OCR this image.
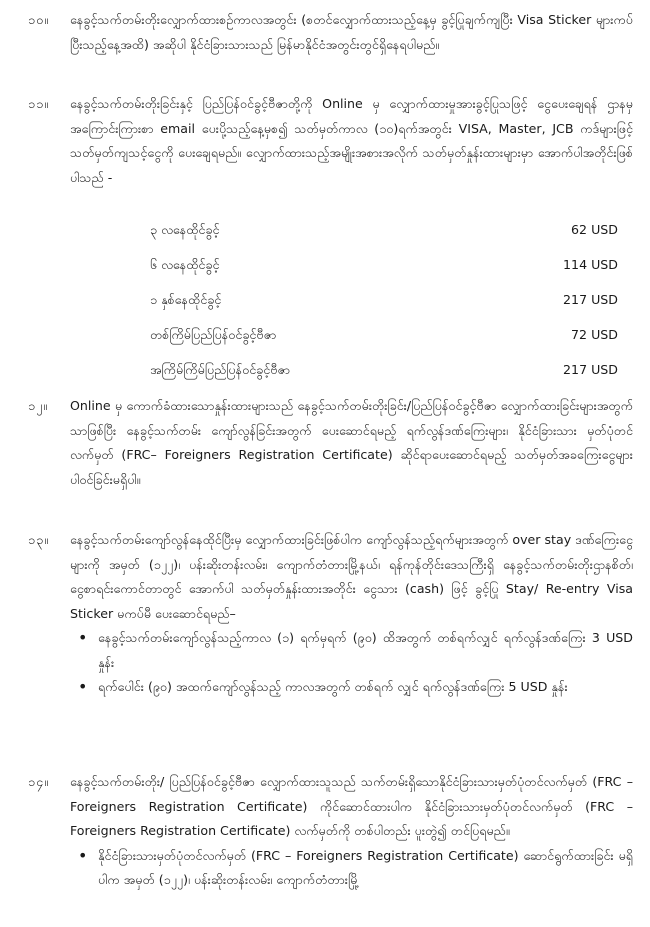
၁၀။	နေခွင့်သက်တမ်းတိုးလျှောက်ထားစဉ်ကာလအတွင်း (စတင်လျှောက်ထားသည့်နေ့မှ ခွင့်ပြုချက်ကျပြီး Visa Sticker များကပ်ပြီးသည့်နေ့အထိ) အဆိုပါ နိုင်ငံခြားသားသည် မြန်မာနိုင်ငံအတွင်းတွင်ရှိနေရပါမည်။
၁၁။	နေခွင့်သက်တမ်းတိုးခြင်းနှင့် ပြည်ပြန်ဝင်ခွင့်ဗီဇာတို့ကို Online မှ လျှောက်ထားမှုအားခွင့်ပြုသဖြင့် ငွေပေးချေရန် ဌာနမှ အကြောင်းကြားစာ email ပေးပို့သည့်နေ့မှစ၍ သတ်မှတ်ကာလ (၁၀)ရက်အတွင်း VISA, Master, JCB ကဒ်များဖြင့် သတ်မှတ်ကျသင့်ငွေကို ပေးချေရမည်။ လျှောက်ထားသည့်အမျိုးအစားအလိုက် သတ်မှတ်နှုန်းထားများမှာ အောက်ပါအတိုင်းဖြစ်ပါသည် -
၃ လနေထိုင်ခွင့်	62 USD
၆ လနေထိုင်ခွင့်	114 USD
၁ နှစ်နေထိုင်ခွင့်	217 USD
တစ်ကြိမ်ပြည်ပြန်ဝင်ခွင့်ဗီဇာ	72 USD
အကြိမ်ကြိမ်ပြည်ပြန်ဝင်ခွင့်ဗီဇာ	217 USD
၁၂။	Online မှ ကောက်ခံထားသောနှုန်းထားများသည် နေခွင့်သက်တမ်းတိုးခြင်း/ပြည်ပြန်ဝင်ခွင့်ဗီဇာ လျှောက်ထားခြင်းများအတွက်သာဖြစ်ပြီး နေခွင့်သက်တမ်း ကျော်လွန်ခြင်းအတွက် ပေးဆောင်ရမည့် ရက်လွန်ဒဏ်ကြေးများ၊ နိုင်ငံခြားသား မှတ်ပုံတင်လက်မှတ် (FRC– Foreigners Registration Certificate) ဆိုင်ရာပေးဆောင်ရမည့် သတ်မှတ်အခကြေးငွေများ ပါဝင်ခြင်းမရှိပါ။
၁၃။	နေခွင့်သက်တမ်းကျော်လွန်နေထိုင်ပြီးမှ လျှောက်ထားခြင်းဖြစ်ပါက ကျော်လွန်သည့်ရက်များအတွက် over stay ဒဏ်ကြေးငွေများကို အမှတ် (၁၂၂)၊ ပန်းဆိုးတန်းလမ်း၊ ကျောက်တံတားမြို့နယ်၊ ရန်ကုန်တိုင်းဒေသကြီးရှိ နေခွင့်သက်တမ်းတိုးဌာနစိတ်၊ ငွေစာရင်းကောင်တာတွင် အောက်ပါ သတ်မှတ်နှုန်းထားအတိုင်း ငွေသား (cash) ဖြင့် ခွင့်ပြု Stay/ Re-entry Visa Sticker မကပ်မီ ပေးဆောင်ရမည်–
• နေခွင့်သက်တမ်းကျော်လွန်သည့်ကာလ (၁) ရက်မှရက် (၉၀) ထိအတွက် တစ်ရက်လျှင် ရက်လွန်ဒဏ်ကြေး 3 USD နှုန်း
• ရက်ပေါင်း (၉၀) အထက်ကျော်လွန်သည့် ကာလအတွက် တစ်ရက် လျှင် ရက်လွန်ဒဏ်ကြေး 5 USD နှုန်း
၁၄။	နေခွင့်သက်တမ်းတိုး/ ပြည်ပြန်ဝင်ခွင့်ဗီဇာ လျှောက်ထားသူသည် သက်တမ်းရှိသောနိုင်ငံခြားသားမှတ်ပုံတင်လက်မှတ် (FRC –Foreigners Registration Certificate) ကိုင်ဆောင်ထားပါက နိုင်ငံခြားသားမှတ်ပုံတင်လက်မှတ် (FRC –Foreigners Registration Certificate) လက်မှတ်ကို တစ်ပါတည်း ပူးတွဲ၍ တင်ပြရမည်။
• နိုင်ငံခြားသားမှတ်ပုံတင်လက်မှတ် (FRC – Foreigners Registration Certificate) ဆောင်ရွက်ထားခြင်း မရှိပါက အမှတ် (၁၂၂)၊ ပန်းဆိုးတန်းလမ်း၊ ကျောက်တံတားမြို့
